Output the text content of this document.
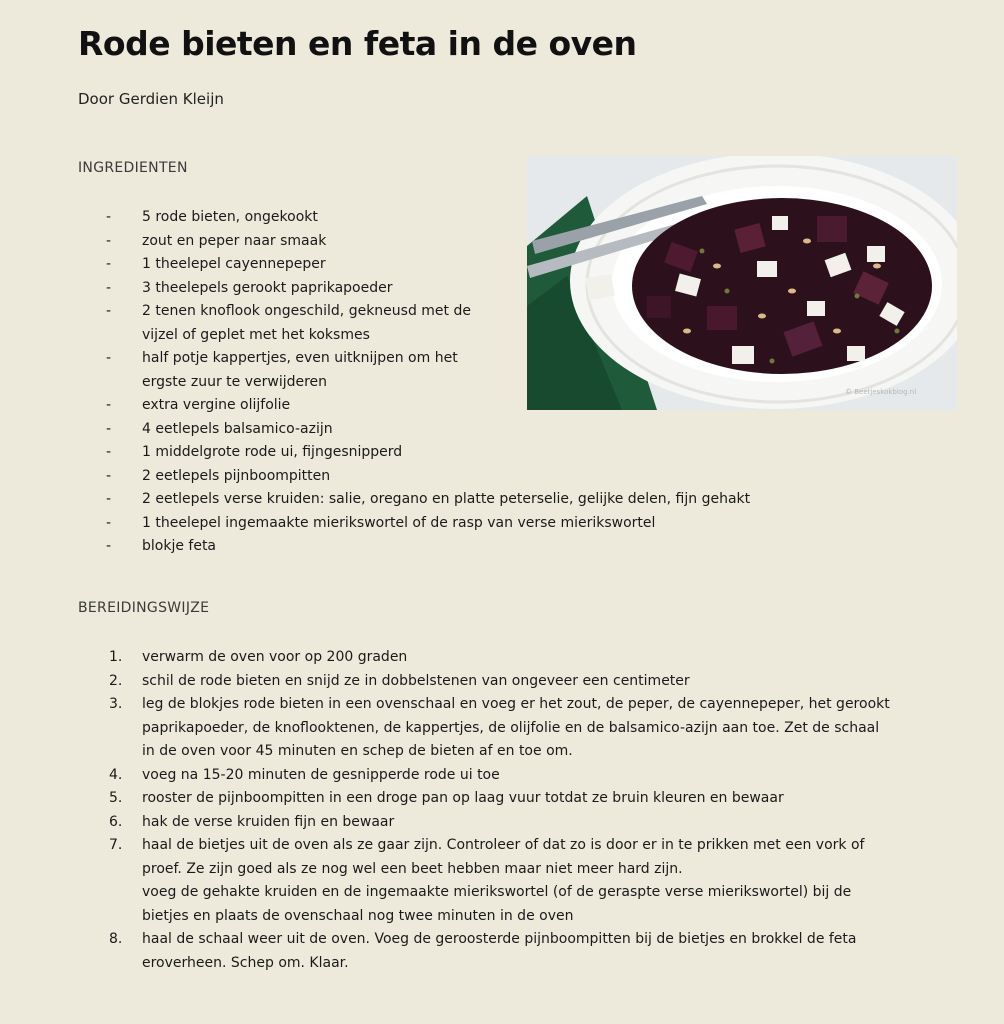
Rode bieten en feta in de oven
Door Gerdien Kleijn
INGREDIENTEN
© Beetjeskokblog.nl
- 5 rode bieten, ongekookt
- zout en peper naar smaak
- 1 theelepel cayennepeper
- 3 theelepels gerookt paprikapoeder
- 2 tenen knoflook ongeschild, gekneusd met de vijzel of geplet met het koksmes
- half potje kappertjes, even uitknijpen om het ergste zuur te verwijderen
- extra vergine olijfolie
- 4 eetlepels balsamico-azijn
- 1 middelgrote rode ui, fijngesnipperd
- 2 eetlepels pijnboompitten
- 2 eetlepels verse kruiden: salie, oregano en platte peterselie, gelijke delen, fijn gehakt
- 1 theelepel ingemaakte mierikswortel of de rasp van verse mierikswortel
- blokje feta
BEREIDINGSWIJZE
1. verwarm de oven voor op 200 graden
2. schil de rode bieten en snijd ze in dobbelstenen van ongeveer een centimeter
3. leg de blokjes rode bieten in een ovenschaal en voeg er het zout, de peper, de cayennepeper, het gerookt paprikapoeder, de knoflooktenen, de kappertjes, de olijfolie en de balsamico-azijn aan toe. Zet de schaal in de oven voor 45 minuten en schep de bieten af en toe om.
4. voeg na 15-20 minuten de gesnipperde rode ui toe
5. rooster de pijnboompitten in een droge pan op laag vuur totdat ze bruin kleuren en bewaar
6. hak de verse kruiden fijn en bewaar
7. haal de bietjes uit de oven als ze gaar zijn. Controleer of dat zo is door er in te prikken met een vork of proef. Ze zijn goed als ze nog wel een beet hebben maar niet meer hard zijn.
voeg de gehakte kruiden en de ingemaakte mierikswortel (of de geraspte verse mierikswortel) bij de bietjes en plaats de ovenschaal nog twee minuten in de oven
8. haal de schaal weer uit de oven. Voeg de geroosterde pijnboompitten bij de bietjes en brokkel de feta eroverheen. Schep om. Klaar.
